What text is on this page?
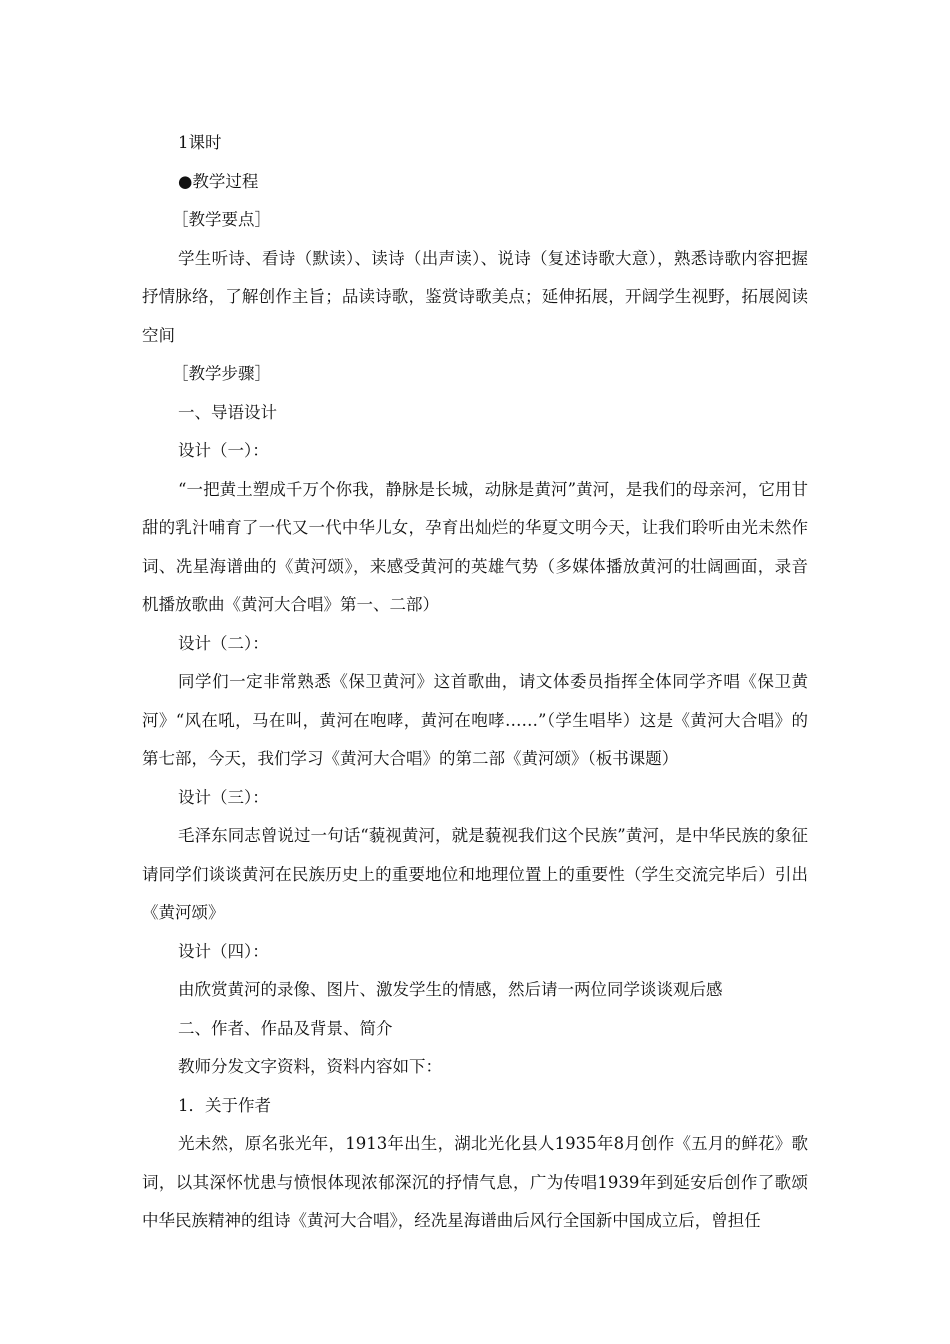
1课时

●教学过程

［教学要点］

学生听诗、看诗（默读）、读诗（出声读）、说诗（复述诗歌大意），熟悉诗歌内容把握抒情脉络，了解创作主旨；品读诗歌，鉴赏诗歌美点；延伸拓展，开阔学生视野，拓展阅读空间

［教学步骤］

一、导语设计

设计（一）：

“一把黄土塑成千万个你我，静脉是长城，动脉是黄河”黄河，是我们的母亲河，它用甘甜的乳汁哺育了一代又一代中华儿女，孕育出灿烂的华夏文明今天，让我们聆听由光未然作词、冼星海谱曲的《黄河颂》，来感受黄河的英雄气势（多媒体播放黄河的壮阔画面，录音机播放歌曲《黄河大合唱》第一、二部）

设计（二）：

同学们一定非常熟悉《保卫黄河》这首歌曲，请文体委员指挥全体同学齐唱《保卫黄河》“风在吼，马在叫，黄河在咆哮，黄河在咆哮……”（学生唱毕）这是《黄河大合唱》的第七部，今天，我们学习《黄河大合唱》的第二部《黄河颂》（板书课题）

设计（三）：

毛泽东同志曾说过一句话“藐视黄河，就是藐视我们这个民族”黄河，是中华民族的象征请同学们谈谈黄河在民族历史上的重要地位和地理位置上的重要性（学生交流完毕后）引出《黄河颂》

设计（四）：

由欣赏黄河的录像、图片、激发学生的情感，然后请一两位同学谈谈观后感

二、作者、作品及背景、简介

教师分发文字资料，资料内容如下：

1．关于作者

光未然，原名张光年，1913年出生，湖北光化县人1935年8月创作《五月的鲜花》歌词，以其深怀忧患与愤恨体现浓郁深沉的抒情气息，广为传唱1939年到延安后创作了歌颂中华民族精神的组诗《黄河大合唱》，经冼星海谱曲后风行全国新中国成立后，曾担任
